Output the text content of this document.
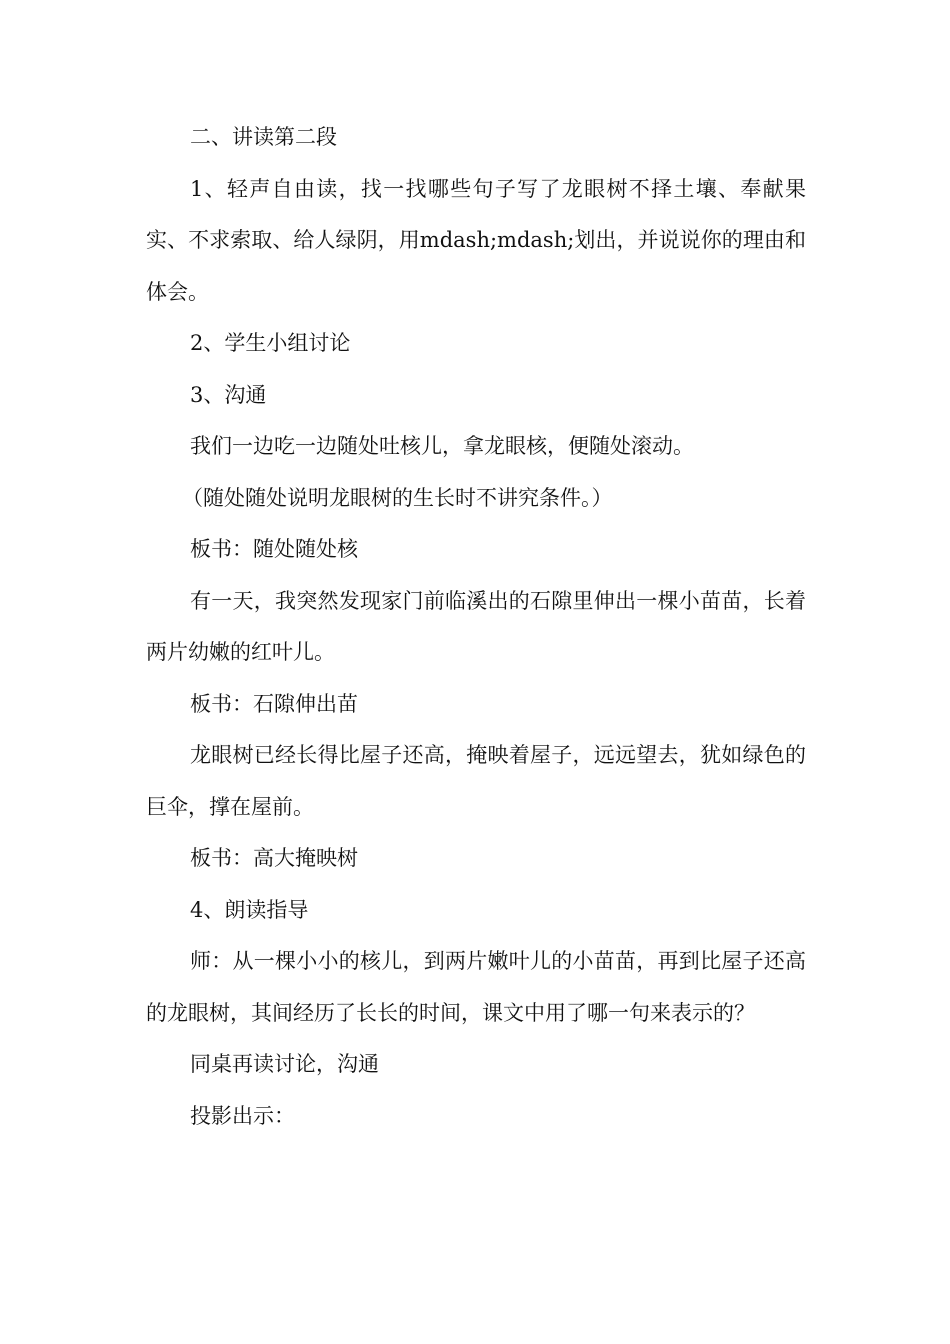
二、讲读第二段

1、轻声自由读，找一找哪些句子写了龙眼树不择土壤、奉献果实、不求索取、给人绿阴，用mdash;mdash;划出，并说说你的理由和体会。

2、学生小组讨论

3、沟通

我们一边吃一边随处吐核儿，拿龙眼核，便随处滚动。

（随处随处说明龙眼树的生长时不讲究条件。）

板书：随处随处核

有一天，我突然发现家门前临溪出的石隙里伸出一棵小苗苗，长着两片幼嫩的红叶儿。

板书：石隙伸出苗

龙眼树已经长得比屋子还高，掩映着屋子，远远望去，犹如绿色的巨伞，撑在屋前。

板书：高大掩映树

4、朗读指导

师：从一棵小小的核儿，到两片嫩叶儿的小苗苗，再到比屋子还高的龙眼树，其间经历了长长的时间，课文中用了哪一句来表示的？

同桌再读讨论，沟通

投影出示：
